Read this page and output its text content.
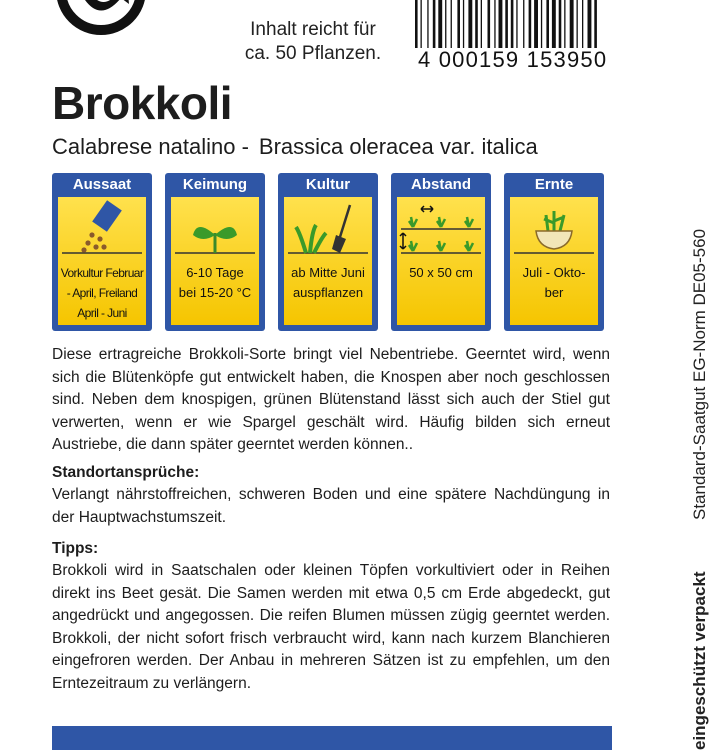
Inhalt reicht für
ca. 50 Pflanzen.	4 000159 153950
Brokkoli
Calabrese natalino - Brassica oleracea var. italica
Aussaat
Vorkultur Februar
- April, Freiland
April - Juni
Keimung
6-10 Tage
bei 15-20 °C
Kultur
ab Mitte Juni
auspflanzen
Abstand
50 x 50 cm
Ernte
Juli - Okto-
ber
Diese ertragreiche Brokkoli-Sorte bringt viel Nebentriebe. Geerntet wird, wenn sich die Blütenköpfe gut entwickelt haben, die Knospen aber noch geschlossen sind. Neben dem knospigen, grünen Blütenstand lässt sich auch der Stiel gut verwerten, wenn er wie Spargel geschält wird. Häufig bilden sich erneut Austriebe, die dann später geerntet werden können..
Standortansprüche:
Verlangt nährstoffreichen, schweren Boden und eine spätere Nachdüngung in der Hauptwachstumszeit.
Tipps:
Brokkoli wird in Saatschalen oder kleinen Töpfen vorkultiviert oder in Reihen direkt ins Beet gesät. Die Samen werden mit etwa 0,5 cm Erde abgedeckt, gut angedrückt und angegossen. Die reifen Blumen müssen zügig geerntet werden. Brokkoli, der nicht sofort frisch verbraucht wird, kann nach kurzem Blanchieren eingefroren werden. Der Anbau in mehreren Sätzen ist zu empfehlen, um den Erntezeitraum zu verlängern.
Standard-Saatgut EG-Norm DE05-560
eingeschützt verpackt
